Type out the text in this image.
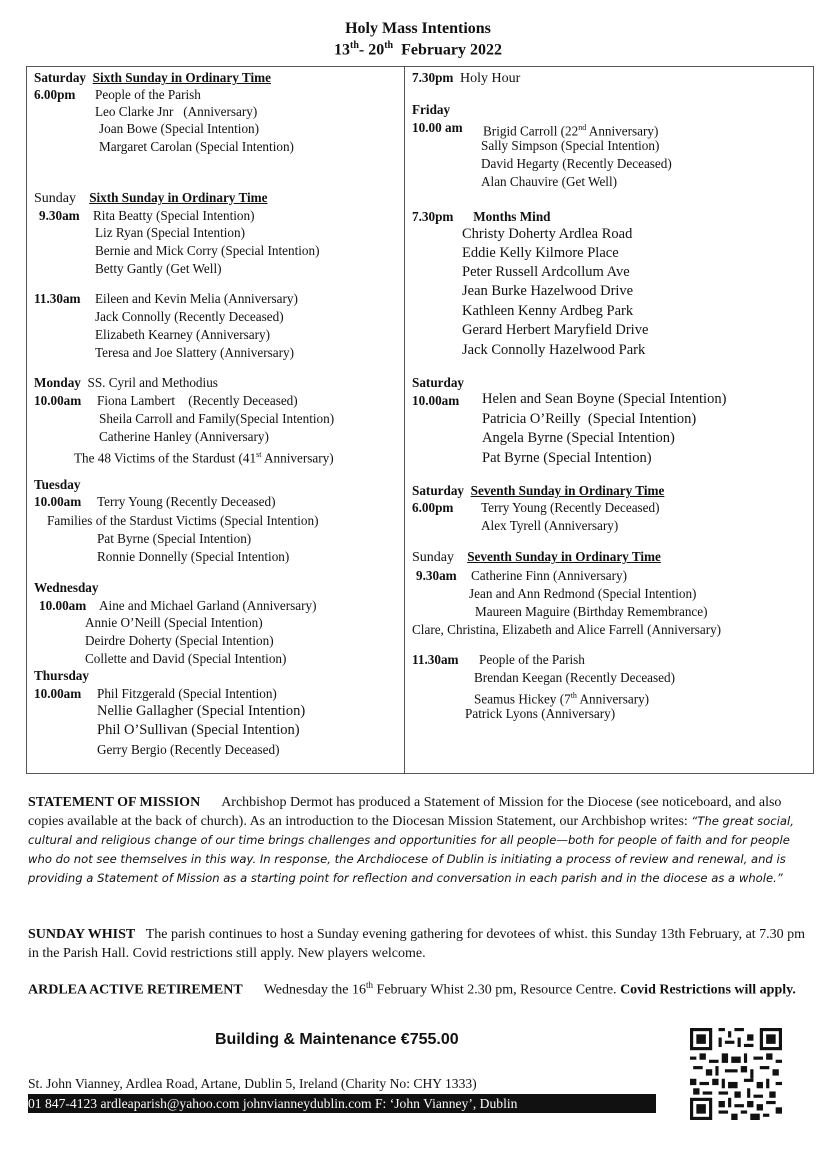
Holy Mass Intentions
13th- 20th  February 2022
Saturday Sixth Sunday in Ordinary Time
6.00pm People of the Parish
Leo Clarke Jnr   (Anniversary)
Joan Bowe (Special Intention)
Margaret Carolan (Special Intention)
Sunday Sixth Sunday in Ordinary Time
9.30am Rita Beatty (Special Intention)
Liz Ryan (Special Intention)
Bernie and Mick Corry (Special Intention)
Betty Gantly (Get Well)
11.30am Eileen and Kevin Melia (Anniversary)
Jack Connolly (Recently Deceased)
Elizabeth Kearney (Anniversary)
Teresa and Joe Slattery (Anniversary)
Monday SS. Cyril and Methodius
10.00am Fiona Lambert    (Recently Deceased)
Sheila Carroll and Family(Special Intention)
Catherine Hanley (Anniversary)
The 48 Victims of the Stardust (41st Anniversary)
Tuesday
10.00am Terry Young (Recently Deceased)
Families of the Stardust Victims (Special Intention)
Pat Byrne (Special Intention)
Ronnie Donnelly (Special Intention)
Wednesday
10.00am Aine and Michael Garland (Anniversary)
Annie O’Neill (Special Intention)
Deirdre Doherty (Special Intention)
Collette and David (Special Intention)
Thursday
10.00am Phil Fitzgerald (Special Intention)
Nellie Gallagher (Special Intention)
Phil O’Sullivan (Special Intention)
Gerry Bergio (Recently Deceased)
7.30pm Holy Hour
Friday
10.00 am Brigid Carroll (22nd Anniversary)
Sally Simpson (Special Intention)
David Hegarty (Recently Deceased)
Alan Chauvire (Get Well)
7.30pm Months Mind
Christy Doherty Ardlea Road
Eddie Kelly Kilmore Place
Peter Russell Ardcollum Ave
Jean Burke Hazelwood Drive
Kathleen Kenny Ardbeg Park
Gerard Herbert Maryfield Drive
Jack Connolly Hazelwood Park
Saturday
10.00am Helen and Sean Boyne (Special Intention)
Patricia O’Reilly  (Special Intention)
Angela Byrne (Special Intention)
Pat Byrne (Special Intention)
Saturday Seventh Sunday in Ordinary Time
6.00pm Terry Young (Recently Deceased)
Alex Tyrell (Anniversary)
Sunday Seventh Sunday in Ordinary Time
9.30am Catherine Finn (Anniversary)
Jean and Ann Redmond (Special Intention)
Maureen Maguire (Birthday Remembrance)
Clare, Christina, Elizabeth and Alice Farrell (Anniversary)
11.30am People of the Parish
Brendan Keegan (Recently Deceased)
Seamus Hickey (7th Anniversary)
Patrick Lyons (Anniversary)
STATEMENT OF MISSION Archbishop Dermot has produced a Statement of Mission for the Diocese (see noticeboard, and also copies available at the back of church). As an introduction to the Diocesan Mission Statement, our Archbishop writes: “The great social, cultural and religious change of our time brings challenges and opportunities for all people—both for people of faith and for people who do not see themselves in this way. In response, the Archdiocese of Dublin is initiating a process of review and renewal, and is providing a Statement of Mission as a starting point for reflection and conversation in each parish and in the diocese as a whole.”
SUNDAY WHIST The parish continues to host a Sunday evening gathering for devotees of whist. this Sunday 13th February, at 7.30 pm in the Parish Hall. Covid restrictions still apply. New players welcome.
ARDLEA ACTIVE RETIREMENT Wednesday the 16th February Whist 2.30 pm, Resource Centre. Covid Restrictions will apply.
Building & Maintenance €755.00
St. John Vianney, Ardlea Road, Artane, Dublin 5, Ireland (Charity No: CHY 1333)
01 847-4123 ardleaparish@yahoo.com johnvianneydublin.com F: ‘John Vianney’, Dublin
